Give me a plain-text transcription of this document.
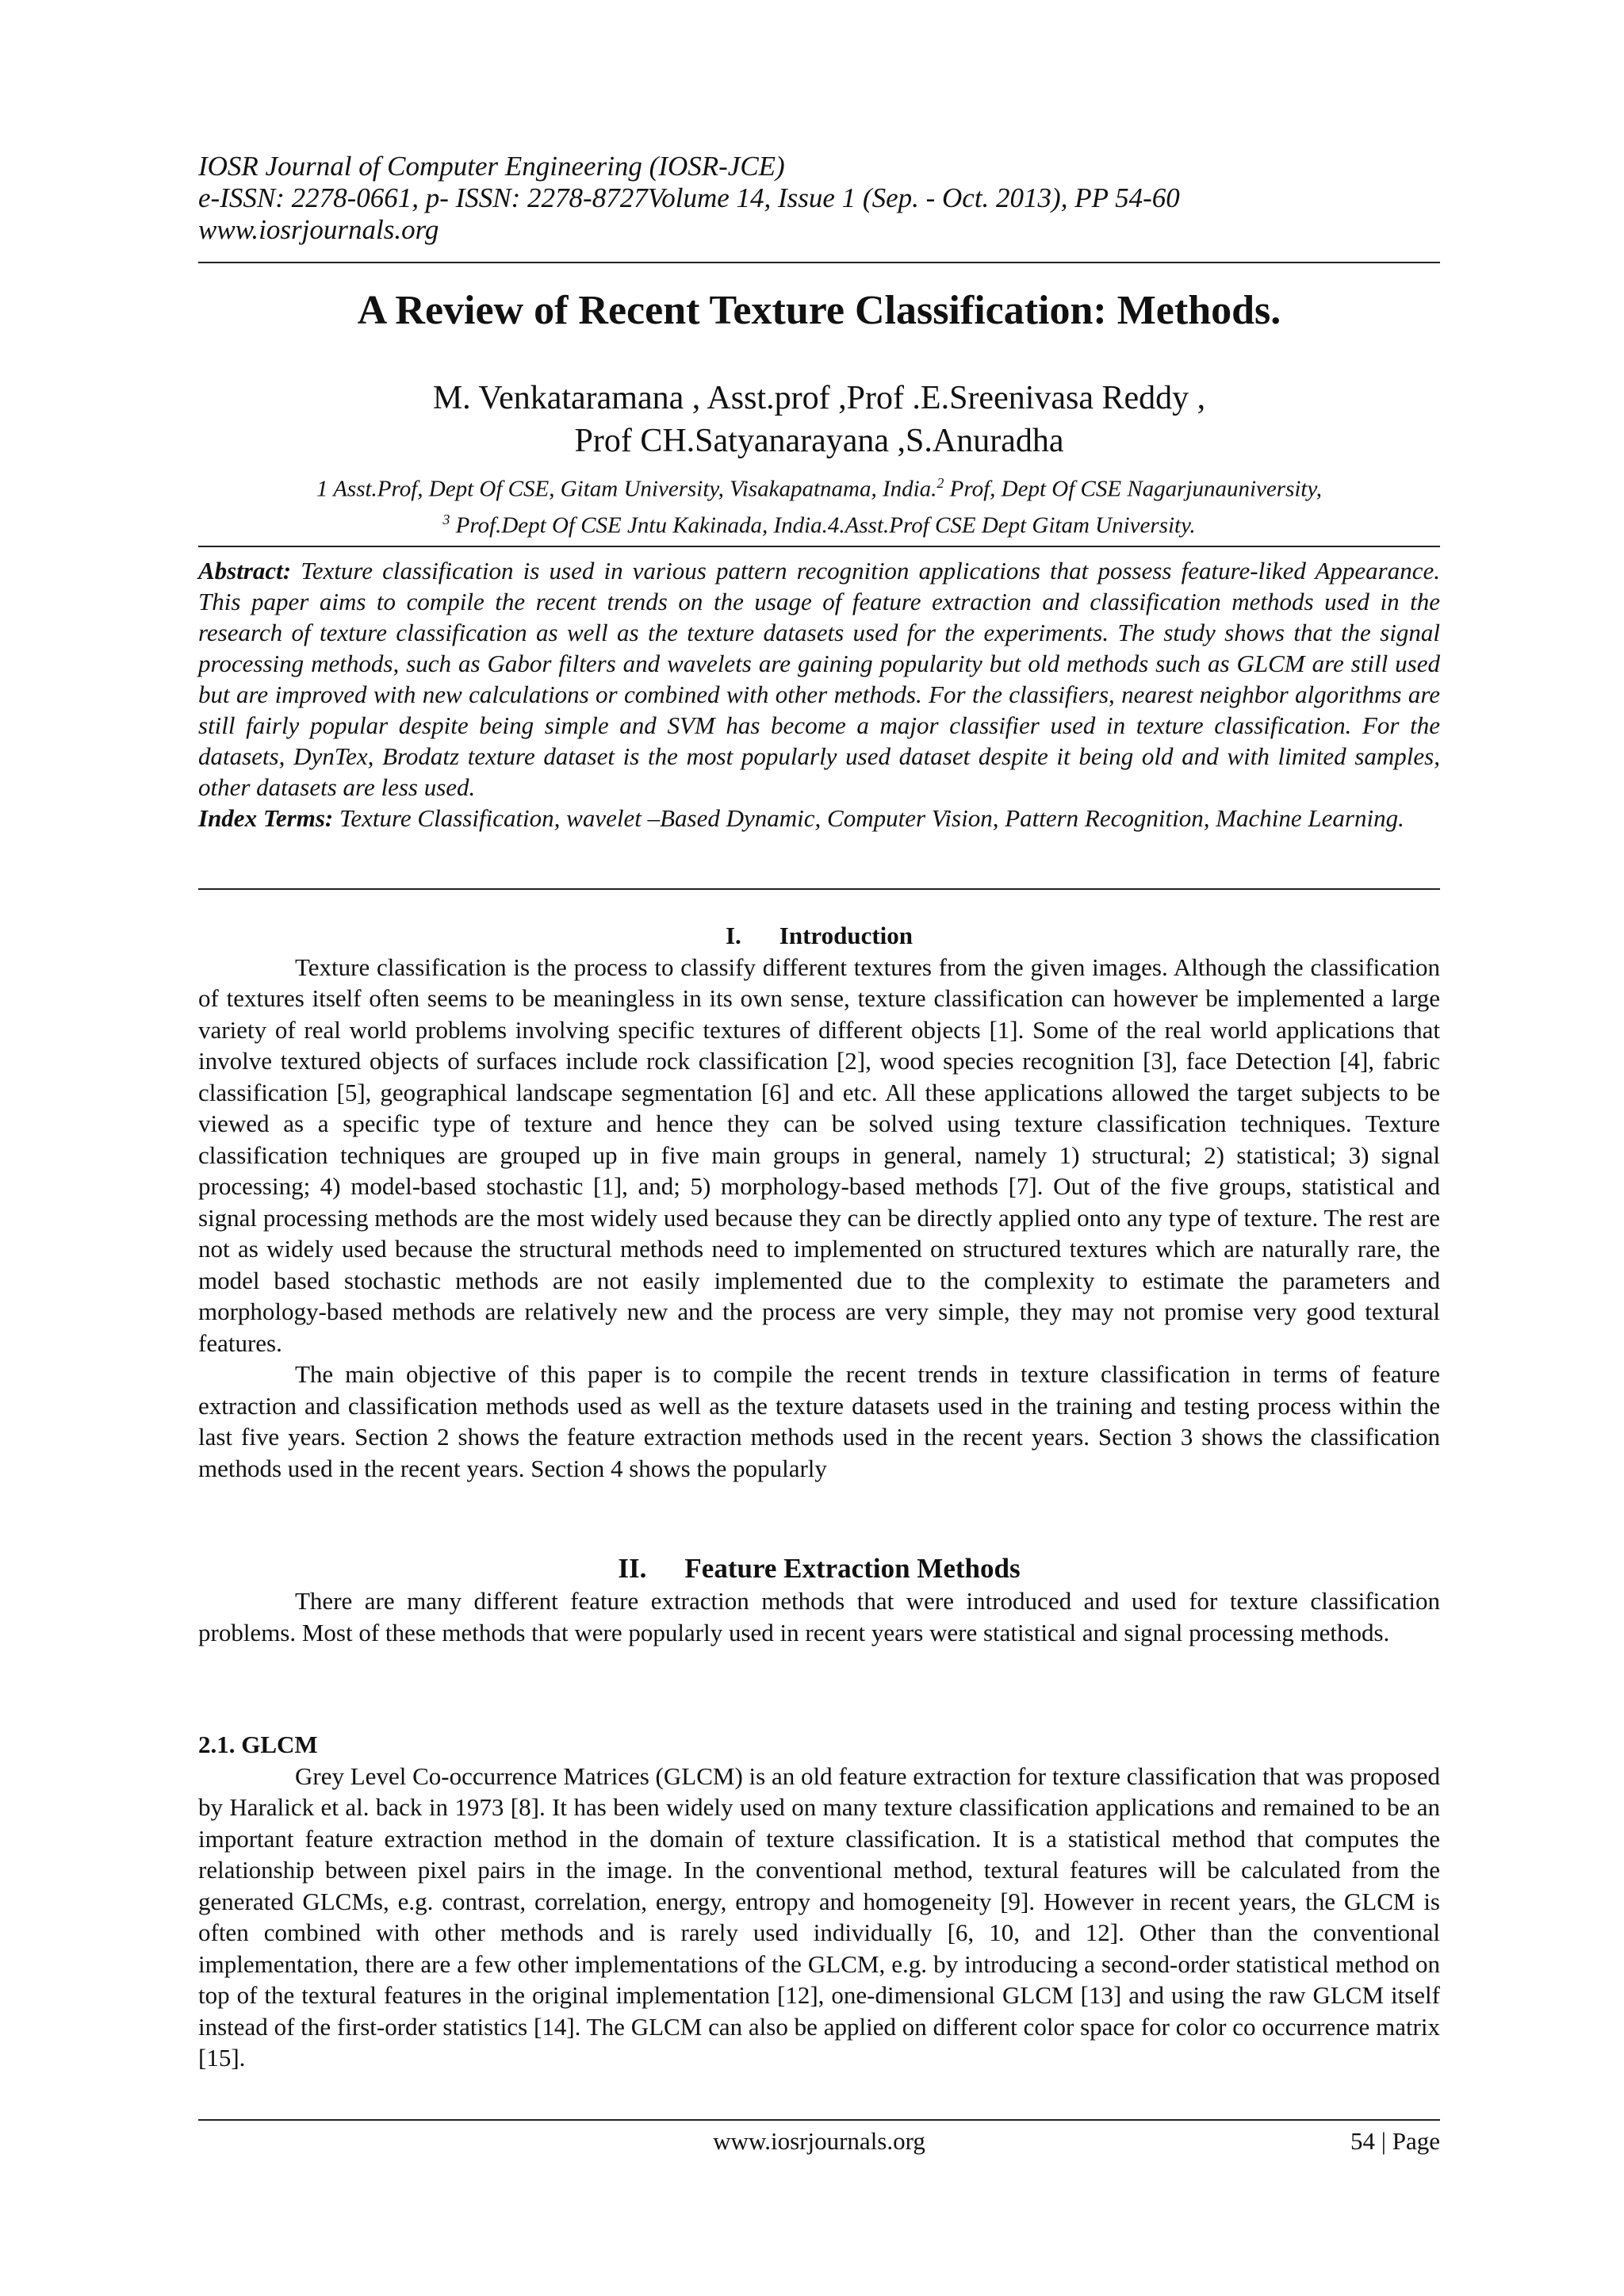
IOSR Journal of Computer Engineering (IOSR-JCE)
e-ISSN: 2278-0661, p- ISSN: 2278-8727Volume 14, Issue 1 (Sep. - Oct. 2013), PP 54-60
www.iosrjournals.org
A Review of Recent Texture Classification: Methods.
M. Venkataramana , Asst.prof ,Prof .E.Sreenivasa Reddy ,
Prof CH.Satyanarayana ,S.Anuradha
1 Asst.Prof, Dept Of CSE, Gitam University, Visakapatnama, India.$^2$ Prof, Dept Of CSE Nagarjunauniversity,
$^3$ Prof.Dept Of CSE Jntu Kakinada, India.4.Asst.Prof CSE Dept Gitam University.
Abstract: Texture classification is used in various pattern recognition applications that possess feature-liked Appearance. This paper aims to compile the recent trends on the usage of feature extraction and classification methods used in the research of texture classification as well as the texture datasets used for the experiments. The study shows that the signal processing methods, such as Gabor filters and wavelets are gaining popularity but old methods such as GLCM are still used but are improved with new calculations or combined with other methods. For the classifiers, nearest neighbor algorithms are still fairly popular despite being simple and SVM has become a major classifier used in texture classification. For the datasets, DynTex, Brodatz texture dataset is the most popularly used dataset despite it being old and with limited samples, other datasets are less used.
Index Terms: Texture Classification, wavelet –Based Dynamic, Computer Vision, Pattern Recognition, Machine Learning.
I. Introduction

Texture classification is the process to classify different textures from the given images. Although the classification of textures itself often seems to be meaningless in its own sense, texture classification can however be implemented a large variety of real world problems involving specific textures of different objects [1]. Some of the real world applications that involve textured objects of surfaces include rock classification [2], wood species recognition [3], face Detection [4], fabric classification [5], geographical landscape segmentation [6] and etc. All these applications allowed the target subjects to be viewed as a specific type of texture and hence they can be solved using texture classification techniques. Texture classification techniques are grouped up in five main groups in general, namely 1) structural; 2) statistical; 3) signal processing; 4) model-based stochastic [1], and; 5) morphology-based methods [7]. Out of the five groups, statistical and signal processing methods are the most widely used because they can be directly applied onto any type of texture. The rest are not as widely used because the structural methods need to implemented on structured textures which are naturally rare, the model based stochastic methods are not easily implemented due to the complexity to estimate the parameters and morphology-based methods are relatively new and the process are very simple, they may not promise very good textural features.

The main objective of this paper is to compile the recent trends in texture classification in terms of feature extraction and classification methods used as well as the texture datasets used in the training and testing process within the last five years. Section 2 shows the feature extraction methods used in the recent years. Section 3 shows the classification methods used in the recent years. Section 4 shows the popularly

II. Feature Extraction Methods

There are many different feature extraction methods that were introduced and used for texture classification problems. Most of these methods that were popularly used in recent years were statistical and signal processing methods.

2.1. GLCM

Grey Level Co-occurrence Matrices (GLCM) is an old feature extraction for texture classification that was proposed by Haralick et al. back in 1973 [8]. It has been widely used on many texture classification applications and remained to be an important feature extraction method in the domain of texture classification. It is a statistical method that computes the relationship between pixel pairs in the image. In the conventional method, textural features will be calculated from the generated GLCMs, e.g. contrast, correlation, energy, entropy and homogeneity [9]. However in recent years, the GLCM is often combined with other methods and is rarely used individually [6, 10, and 12]. Other than the conventional implementation, there are a few other implementations of the GLCM, e.g. by introducing a second-order statistical method on top of the textural features in the original implementation [12], one-dimensional GLCM [13] and using the raw GLCM itself instead of the first-order statistics [14]. The GLCM can also be applied on different color space for color co occurrence matrix [15].

www.iosrjournals.org	54 | Page
